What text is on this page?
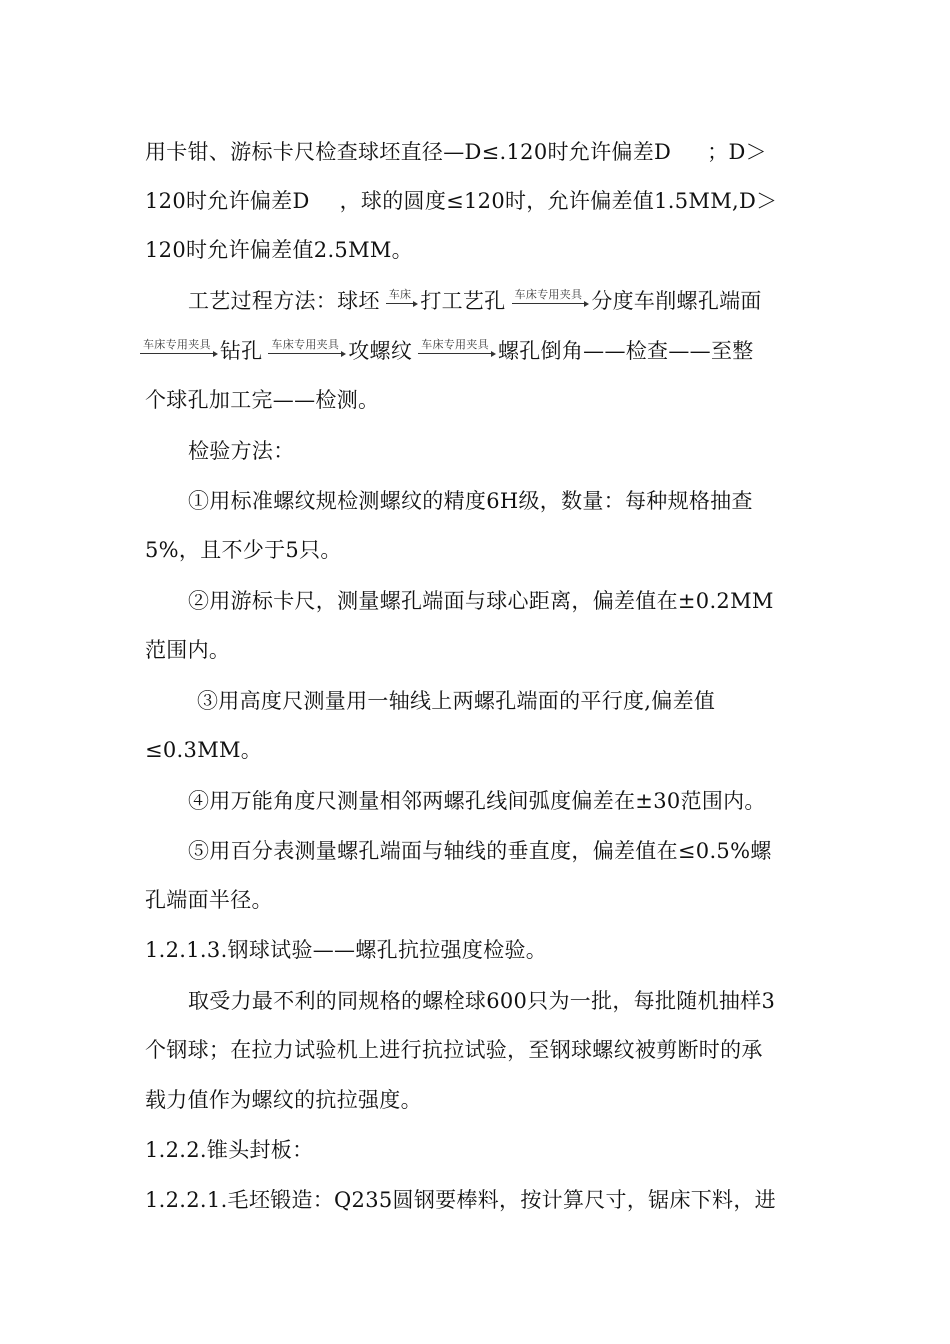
用卡钳、游标卡尺检查球坯直径—D≤.120时允许偏差D ；D＞
120时允许偏差D ，球的圆度≤120时，允许偏差值1.5MM,D＞
120时允许偏差值2.5MM。
工艺过程方法：球坯 车床 打工艺孔 车床专用夹具 分度车削螺孔端面
车床专用夹具 钻孔 车床专用夹具 攻螺纹 车床专用夹具 螺孔倒角——检查——至整
个球孔加工完——检测。
检验方法：
①用标准螺纹规检测螺纹的精度6H级，数量：每种规格抽查
5%，且不少于5只。
②用游标卡尺，测量螺孔端面与球心距离，偏差值在±0.2MM
范围内。
③用高度尺测量用一轴线上两螺孔端面的平行度,偏差值
≤0.3MM。
④用万能角度尺测量相邻两螺孔线间弧度偏差在±30范围内。
⑤用百分表测量螺孔端面与轴线的垂直度，偏差值在≤0.5%螺
孔端面半径。
1.2.1.3.钢球试验——螺孔抗拉强度检验。
取受力最不利的同规格的螺栓球600只为一批，每批随机抽样3
个钢球；在拉力试验机上进行抗拉试验，至钢球螺纹被剪断时的承
载力值作为螺纹的抗拉强度。
1.2.2.锥头封板：
1.2.2.1.毛坯锻造：Q235圆钢要棒料，按计算尺寸，锯床下料，进
